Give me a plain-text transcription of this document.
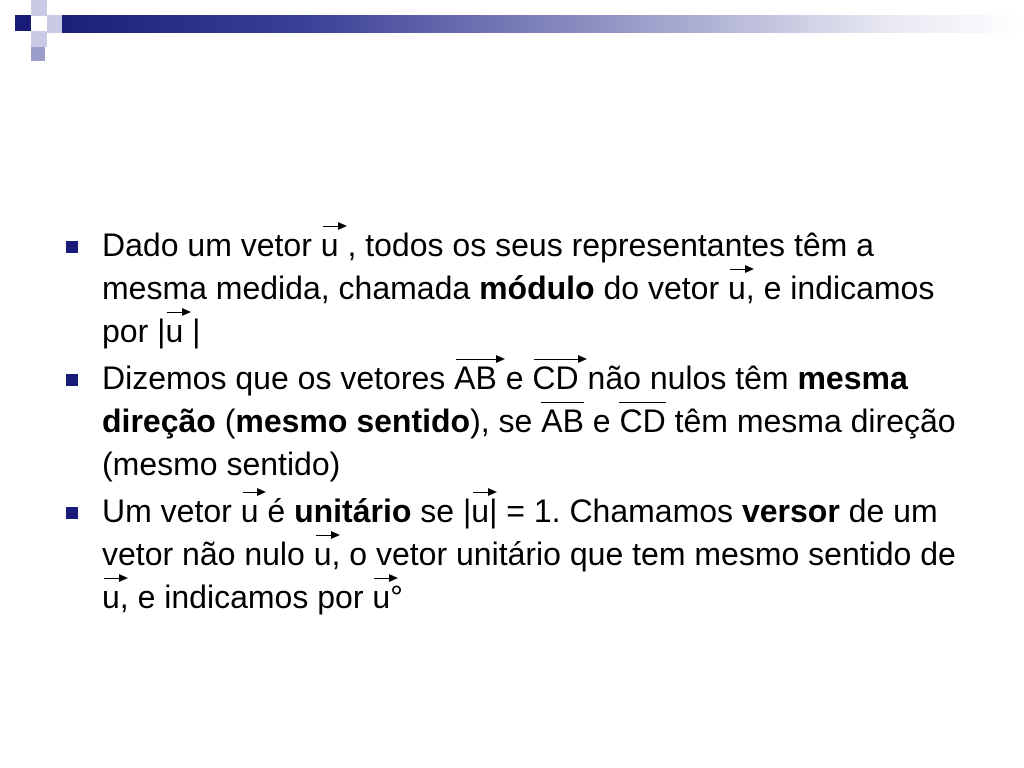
Dado um vetor u , todos os seus representantes têm a mesma medida, chamada módulo do vetor u, e indicamos por |u |
Dizemos que os vetores AB e CD não nulos têm mesma direção (mesmo sentido), se AB e CD têm mesma direção (mesmo sentido)
Um vetor u é unitário se |u| = 1. Chamamos versor de um vetor não nulo u, o vetor unitário que tem mesmo sentido de u, e indicamos por u°
